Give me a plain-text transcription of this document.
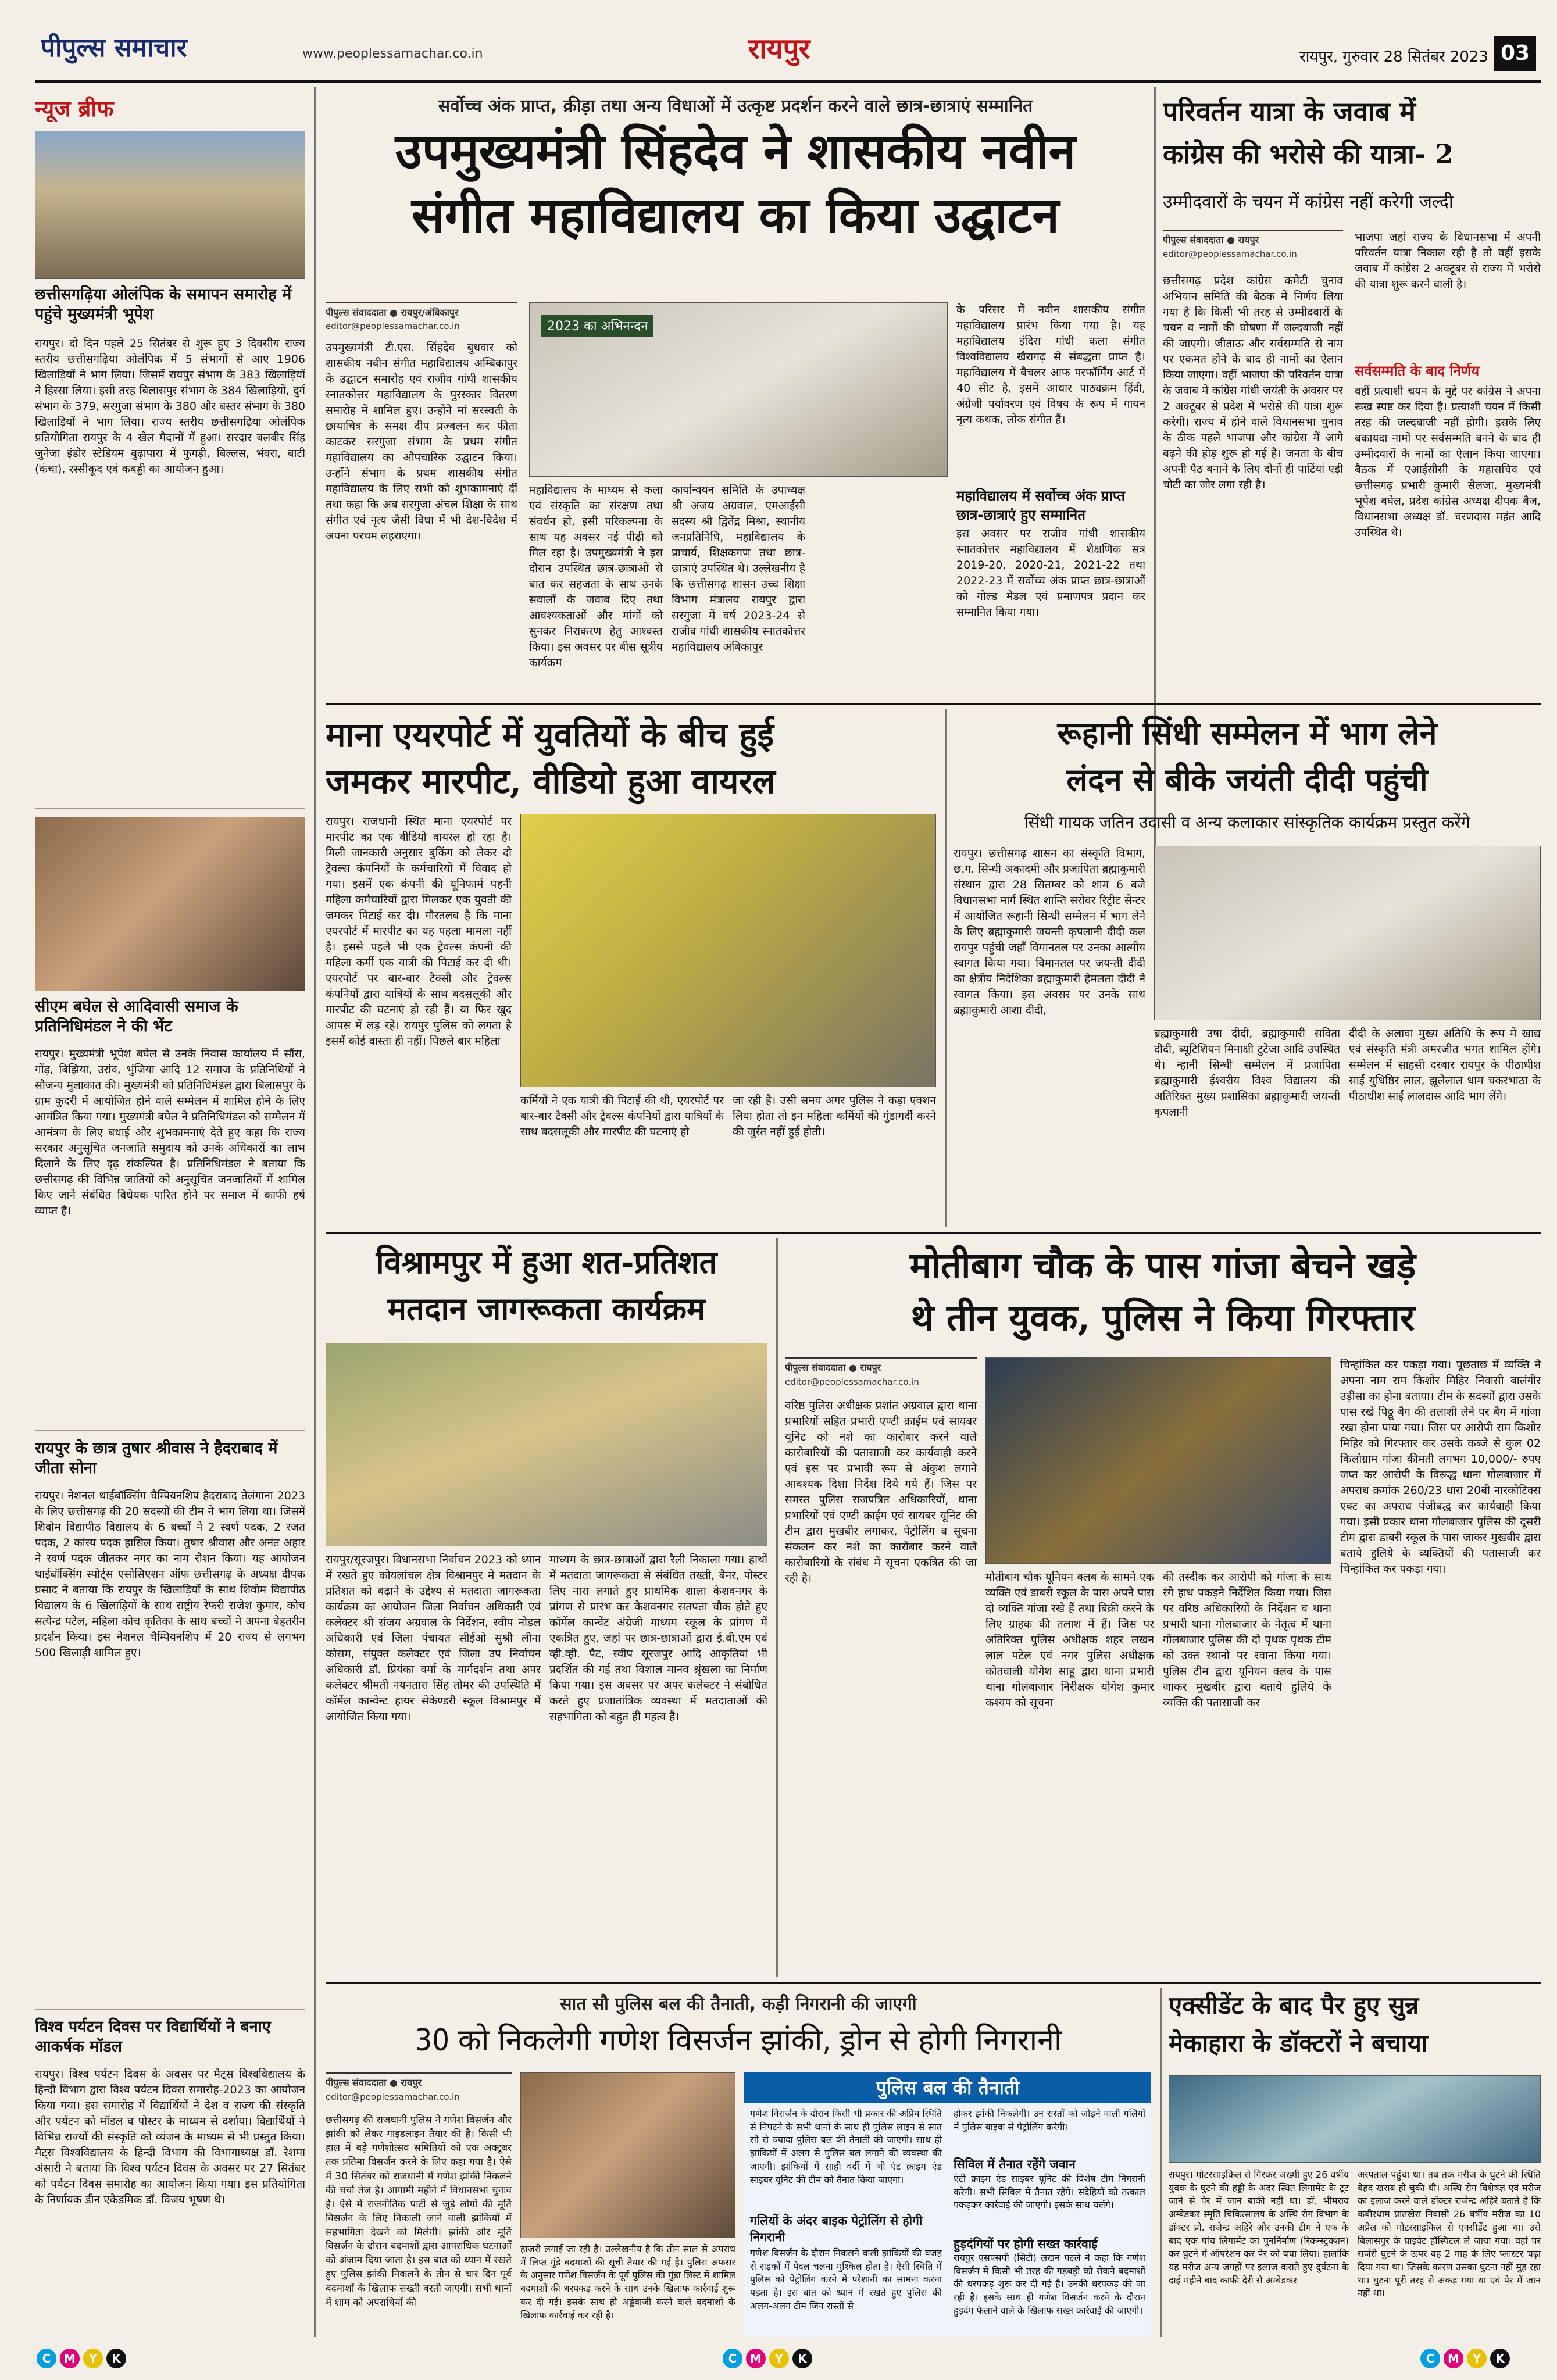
पीपुल्स समाचार	www.peoplessamachar.co.in	रायपुर	रायपुर, गुरुवार 28 सितंबर 2023 03
न्यूज ब्रीफ
छत्तीसगढ़िया ओलंपिक के समापन समारोह में पहुंचे मुख्यमंत्री भूपेश
रायपुर। दो दिन पहले 25 सितंबर से शुरू हुए 3 दिवसीय राज्य स्तरीय छत्तीसगढ़िया ओलंपिक में 5 संभागों से आए 1906 खिलाड़ियों ने भाग लिया। जिसमें रायपुर संभाग के 383 खिलाड़ियों ने हिस्सा लिया। इसी तरह बिलासपुर संभाग के 384 खिलाड़ियों, दुर्ग संभाग के 379, सरगुजा संभाग के 380 और बस्तर संभाग के 380 खिलाड़ियों ने भाग लिया। राज्य स्तरीय छत्तीसगढ़िया ओलंपिक प्रतियोगिता रायपुर के 4 खेल मैदानों में हुआ। सरदार बलबीर सिंह जुनेजा इंडोर स्टेडियम बुढ़ापारा में फुगड़ी, बिल्लस, भंवरा, बाटी (कंचा), रस्सीकूद एवं कबड्डी का आयोजन हुआ।
सीएम बघेल से आदिवासी समाज के प्रतिनिधिमंडल ने की भेंट
रायपुर। मुख्यमंत्री भूपेश बघेल से उनके निवास कार्यालय में सौंरा, गोंड़, बिझिया, उरांव, भुंजिया आदि 12 समाज के प्रतिनिधियों ने सौजन्य मुलाकात की। मुख्यमंत्री को प्रतिनिधिमंडल द्वारा बिलासपुर के ग्राम कुदरी में आयोजित होने वाले सम्मेलन में शामिल होने के लिए आमंत्रित किया गया। मुख्यमंत्री बघेल ने प्रतिनिधिमंडल को सम्मेलन में आमंत्रण के लिए बधाई और शुभकामनाएं देते हुए कहा कि राज्य सरकार अनुसूचित जनजाति समुदाय को उनके अधिकारों का लाभ दिलाने के लिए दृढ़ संकल्पित है। प्रतिनिधिमंडल ने बताया कि छत्तीसगढ़ की विभिन्न जातियों को अनुसूचित जनजातियों में शामिल किए जाने संबंधित विधेयक पारित होने पर समाज में काफी हर्ष व्याप्त है।
रायपुर के छात्र तुषार श्रीवास ने हैदराबाद में जीता सोना
रायपुर। नेशनल थाईबॉक्सिंग चैम्पियनशिप हैदराबाद तेलंगाना 2023 के लिए छत्तीसगढ़ की 20 सदस्यों की टीम ने भाग लिया था। जिसमें शिवोम विद्यापीठ विद्यालय के 6 बच्चों ने 2 स्वर्ण पदक, 2 रजत पदक, 2 कांस्य पदक हासिल किया। तुषार श्रीवास और अनंत अहार ने स्वर्ण पदक जीतकर नगर का नाम रौशन किया। यह आयोजन थाईबॉक्सिंग स्पोर्ट्स एसोसिएशन ऑफ छत्तीसगढ़ के अध्यक्ष दीपक प्रसाद ने बताया कि रायपुर के खिलाड़ियों के साथ शिवोम विद्यापीठ विद्यालय के 6 खिलाड़ियों के साथ राष्ट्रीय रेफरी राजेश कुमार, कोच सत्येन्द्र पटेल, महिला कोच कृतिका के साथ बच्चों ने अपना बेहतरीन प्रदर्शन किया। इस नेशनल चैम्पियनशिप में 20 राज्य से लगभग 500 खिलाड़ी शामिल हुए।
विश्व पर्यटन दिवस पर विद्यार्थियों ने बनाए आकर्षक मॉडल
रायपुर। विश्व पर्यटन दिवस के अवसर पर मैट्स विश्वविद्यालय के हिन्दी विभाग द्वारा विश्व पर्यटन दिवस समारोह-2023 का आयोजन किया गया। इस समारोह में विद्यार्थियों ने देश व राज्य की संस्कृति और पर्यटन को मॉडल व पोस्टर के माध्यम से दर्शाया। विद्यार्थियों ने विभिन्न राज्यों की संस्कृति को व्यंजन के माध्यम से भी प्रस्तुत किया। मैट्स विश्वविद्यालय के हिन्दी विभाग की विभागाध्यक्ष डॉ. रेशमा अंसारी ने बताया कि विश्व पर्यटन दिवस के अवसर पर 27 सितंबर को पर्यटन दिवस समारोह का आयोजन किया गया। इस प्रतियोगिता के निर्णायक डीन एकेडमिक डॉ. विजय भूषण थे।
सर्वोच्च अंक प्राप्त, क्रीड़ा तथा अन्य विधाओं में उत्कृष्ट प्रदर्शन करने वाले छात्र-छात्राएं सम्मानित
उपमुख्यमंत्री सिंहदेव ने शासकीय नवीन
संगीत महाविद्यालय का किया उद्घाटन
पीपुल्स संवाददाता ● रायपुर/अंबिकापुर
editor@peoplessamachar.co.in
उपमुख्यमंत्री टी.एस. सिंहदेव बुधवार को शासकीय नवीन संगीत महाविद्यालय अम्बिकापुर के उद्घाटन समारोह एवं राजीव गांधी शासकीय स्नातकोत्तर महाविद्यालय के पुरस्कार वितरण समारोह में शामिल हुए। उन्होंने मां सरस्वती के छायाचित्र के समक्ष दीप प्रज्वलन कर फीता काटकर सरगुजा संभाग के प्रथम संगीत महाविद्यालय का औपचारिक उद्घाटन किया। उन्होंने संभाग के प्रथम शासकीय संगीत महाविद्यालय के लिए सभी को शुभकामनाएं दीं तथा कहा कि अब सरगुजा अंचल शिक्षा के साथ संगीत एवं नृत्य जैसी विधा में भी देश-विदेश में अपना परचम लहराएगा।
2023 का अभिनन्दन
महाविद्यालय के माध्यम से कला एवं संस्कृति का संरक्षण तथा संवर्धन हो, इसी परिकल्पना के साथ यह अवसर नई पीढ़ी को मिल रहा है। उपमुख्यमंत्री ने इस दौरान उपस्थित छात्र-छात्राओं से बात कर सहजता के साथ उनके सवालों के जवाब दिए तथा आवश्यकताओं और मांगों को सुनकर निराकरण हेतु आश्वस्त किया। इस अवसर पर बीस सूत्रीय कार्यक्रम
कार्यान्वयन समिति के उपाध्यक्ष श्री अजय अग्रवाल, एमआईसी सदस्य श्री द्वितेंद्र मिश्रा, स्थानीय जनप्रतिनिधि, महाविद्यालय के प्राचार्य, शिक्षकगण तथा छात्र-छात्राएं उपस्थित थे। उल्लेखनीय है कि छत्तीसगढ़ शासन उच्च शिक्षा विभाग मंत्रालय रायपुर द्वारा सरगुजा में वर्ष 2023-24 से राजीव गांधी शासकीय स्नातकोत्तर महाविद्यालय अंबिकापुर
के परिसर में नवीन शासकीय संगीत महाविद्यालय प्रारंभ किया गया है। यह महाविद्यालय इंदिरा गांधी कला संगीत विश्वविद्यालय खैरागढ़ से संबद्धता प्राप्त है। महाविद्यालय में बैचलर आफ परफॉर्मिंग आर्ट में 40 सीट है, इसमें आधार पाठ्यक्रम हिंदी, अंग्रेजी पर्यावरण एवं विषय के रूप में गायन नृत्य कथक, लोक संगीत हैं।
महाविद्यालय में सर्वोच्च अंक प्राप्त छात्र-छात्राएं हुए सम्मानित
इस अवसर पर राजीव गांधी शासकीय स्नातकोत्तर महाविद्यालय में शैक्षणिक सत्र 2019-20, 2020-21, 2021-22 तथा 2022-23 में सर्वोच्च अंक प्राप्त छात्र-छात्राओं को गोल्ड मेडल एवं प्रमाणपत्र प्रदान कर सम्मानित किया गया।
परिवर्तन यात्रा के जवाब में
कांग्रेस की भरोसे की यात्रा- 2
उम्मीदवारों के चयन में कांग्रेस नहीं करेगी जल्दी
पीपुल्स संवाददाता ● रायपुर
editor@peoplessamachar.co.in
छत्तीसगढ़ प्रदेश कांग्रेस कमेटी चुनाव अभियान समिति की बैठक में निर्णय लिया गया है कि किसी भी तरह से उम्मीदवारों के चयन व नामों की घोषणा में जल्दबाजी नहीं की जाएगी। जीताऊ और सर्वसम्मति से नाम पर एकमत होने के बाद ही नामों का ऐलान किया जाएगा। वहीं भाजपा की परिवर्तन यात्रा के जवाब में कांग्रेस गांधी जयंती के अवसर पर 2 अक्टूबर से प्रदेश में भरोसे की यात्रा शुरू करेगी। राज्य में होने वाले विधानसभा चुनाव के ठीक पहले भाजपा और कांग्रेस में आगे बढ़ने की होड़ शुरू हो गई है। जनता के बीच अपनी पैठ बनाने के लिए दोनों ही पार्टियां एड़ी चोटी का जोर लगा रही है।
भाजपा जहां राज्य के विधानसभा में अपनी परिवर्तन यात्रा निकाल रही है तो वहीं इसके जवाब में कांग्रेस 2 अक्टूबर से राज्य में भरोसे की यात्रा शुरू करने वाली है।
सर्वसम्मति के बाद निर्णय
वहीं प्रत्याशी चयन के मुद्दे पर कांग्रेस ने अपना रूख स्पष्ट कर दिया है। प्रत्याशी चयन में किसी तरह की जल्दबाजी नहीं होगी। इसके लिए बकायदा नामों पर सर्वसम्मति बनने के बाद ही उम्मीदवारों के नामों का ऐलान किया जाएगा। बैठक में एआईसीसी के महासचिव एवं छत्तीसगढ़ प्रभारी कुमारी सैलजा, मुख्यमंत्री भूपेश बघेल, प्रदेश कांग्रेस अध्यक्ष दीपक बैज, विधानसभा अध्यक्ष डॉ. चरणदास महंत आदि उपस्थित थे।
माना एयरपोर्ट में युवतियों के बीच हुई
जमकर मारपीट, वीडियो हुआ वायरल
रायपुर। राजधानी स्थित माना एयरपोर्ट पर मारपीट का एक वीडियो वायरल हो रहा है। मिली जानकारी अनुसार बुकिंग को लेकर दो ट्रेवल्स कंपनियों के कर्मचारियों में विवाद हो गया। इसमें एक कंपनी की यूनिफार्म पहनी महिला कर्मचारियों द्वारा मिलकर एक युवती की जमकर पिटाई कर दी। गौरतलब है कि माना एयरपोर्ट में मारपीट का यह पहला मामला नहीं है। इससे पहले भी एक ट्रेवल्स कंपनी की महिला कर्मी एक यात्री की पिटाई कर दी थी। एयरपोर्ट पर बार-बार टैक्सी और ट्रेवल्स कंपनियों द्वारा यात्रियों के साथ बदसलूकी और मारपीट की घटनाएं हो रही हैं। या फिर खुद आपस में लड़ रहे। रायपुर पुलिस को लगता है इसमें कोई वास्ता ही नहीं। पिछले बार महिला
कर्मियों ने एक यात्री की पिटाई की थी, एयरपोर्ट पर बार-बार टैक्सी और ट्रेवल्स कंपनियों द्वारा यात्रियों के साथ बदसलूकी और मारपीट की घटनाएं हो
जा रही है। उसी समय अगर पुलिस ने कड़ा एक्शन लिया होता तो इन महिला कर्मियों की गुंडागर्दी करने की जुर्रत नहीं हुई होती।
रूहानी सिंधी सम्मेलन में भाग लेने
लंदन से बीके जयंती दीदी पहुंची
सिंधी गायक जतिन उदासी व अन्य कलाकार सांस्कृतिक कार्यक्रम प्रस्तुत करेंगे
रायपुर। छत्तीसगढ़ शासन का संस्कृति विभाग, छ.ग. सिन्धी अकादमी और प्रजापिता ब्रह्माकुमारी संस्थान द्वारा 28 सितम्बर को शाम 6 बजे विधानसभा मार्ग स्थित शान्ति सरोवर रिट्रीट सेन्टर में आयोजित रूहानी सिन्धी सम्मेलन में भाग लेने के लिए ब्रह्माकुमारी जयन्ती कृपलानी दीदी कल रायपुर पहुंची जहाँ विमानतल पर उनका आत्मीय स्वागत किया गया। विमानतल पर जयन्ती दीदी का क्षेत्रीय निदेशिका ब्रह्माकुमारी हेमलता दीदी ने स्वागत किया। इस अवसर पर उनके साथ ब्रह्माकुमारी आशा दीदी,
ब्रह्माकुमारी उषा दीदी, ब्रह्माकुमारी सविता दीदी, ब्यूटिशियन मिनाक्षी टुटेजा आदि उपस्थित थे। न्हानी सिन्धी सम्मेलन में प्रजापिता ब्रह्माकुमारी ईश्वरीय विश्व विद्यालय की अतिरिक्त मुख्य प्रशासिका ब्रह्माकुमारी जयन्ती कृपलानी
दीदी के अलावा मुख्य अतिथि के रूप में खाद्य एवं संस्कृति मंत्री अमरजीत भगत शामिल होंगे। सम्मेलन में साहसी दरबार रायपुर के पीठाधीश साईं युधिष्ठिर लाल, झूलेलाल धाम चकरभाठा के पीठाधीश साईं लालदास आदि भाग लेंगे।
विश्रामपुर में हुआ शत-प्रतिशत
मतदान जागरूकता कार्यक्रम
रायपुर/सूरजपुर। विधानसभा निर्वाचन 2023 को ध्यान में रखते हुए कोयलांचल क्षेत्र विश्रामपुर में मतदान के प्रतिशत को बढ़ाने के उद्देश्य से मतदाता जागरूकता कार्यक्रम का आयोजन जिला निर्वाचन अधिकारी एवं कलेक्टर श्री संजय अग्रवाल के निर्देशन, स्वीप नोडल अधिकारी एवं जिला पंचायत सीईओ सुश्री लीना कोसम, संयुक्त कलेक्टर एवं जिला उप निर्वाचन अधिकारी डॉ. प्रियंका वर्मा के मार्गदर्शन तथा अपर कलेक्टर श्रीमती नयनतारा सिंह तोमर की उपस्थिति में कॉर्मेल कान्वेन्ट हायर सेकेण्डरी स्कूल विश्रामपुर में आयोजित किया गया।
माध्यम के छात्र-छात्राओं द्वारा रैली निकाला गया। हाथों में मतदाता जागरूकता से संबंधित तख्ती, बैनर, पोस्टर लिए नारा लगाते हुए प्राथमिक शाला केशवनगर के प्रांगण से प्रारंभ कर केशवनगर सतपता चौक होते हुए कॉर्मेल कान्वेंट अंग्रेजी माध्यम स्कूल के प्रांगण में एकत्रित हुए, जहां पर छात्र-छात्राओं द्वारा ई.वी.एम एवं व्ही.व्ही. पैट, स्वीप सूरजपुर आदि आकृतियां भी प्रदर्शित की गई तथा विशाल मानव श्रृंखला का निर्माण किया गया। इस अवसर पर अपर कलेक्टर ने संबोधित करते हुए प्रजातांत्रिक व्यवस्था में मतदाताओं की सहभागिता को बहुत ही महत्व है।
मोतीबाग चौक के पास गांजा बेचने खड़े
थे तीन युवक, पुलिस ने किया गिरफ्तार
पीपुल्स संवाददाता ● रायपुर
editor@peoplessamachar.co.in
वरिष्ठ पुलिस अधीक्षक प्रशांत अग्रवाल द्वारा थाना प्रभारियों सहित प्रभारी एण्टी क्राईम एवं सायबर यूनिट को नशे का कारोबार करने वाले कारोबारियों की पतासाजी कर कार्यवाही करने एवं इस पर प्रभावी रूप से अंकुश लगाने आवश्यक दिशा निर्देश दिये गये हैं। जिस पर समस्त पुलिस राजपत्रित अधिकारियों, थाना प्रभारियों एवं एण्टी क्राईम एवं सायबर यूनिट की टीम द्वारा मुखबीर लगाकर, पेट्रोलिंग व सूचना संकलन कर नशे का कारोबार करने वाले कारोबारियों के संबंध में सूचना एकत्रित की जा रही है।	मोतीबाग चौक यूनियन क्लब के सामने एक व्यक्ति एवं डाबरी स्कूल के पास अपने पास दो व्यक्ति गांजा रखे हैं तथा बिक्री करने के लिए ग्राहक की तलाश में हैं। जिस पर अतिरिक्त पुलिस अधीक्षक शहर लखन लाल पटेल एवं नगर पुलिस अधीक्षक कोतवाली योगेश साहू द्वारा थाना प्रभारी थाना गोलबाजार निरीक्षक योगेश कुमार कश्यप को सूचना
की तस्दीक कर आरोपी को गांजा के साथ रंगे हाथ पकड़ने निर्देशित किया गया। जिस पर वरिष्ठ अधिकारियों के निर्देशन व थाना प्रभारी थाना गोलबाजार के नेतृत्व में थाना गोलबाजार पुलिस की दो पृथक पृथक टीम को उक्त स्थानों पर रवाना किया गया। पुलिस टीम द्वारा यूनियन क्लब के पास जाकर मुखबीर द्वारा बताये हुलिये के व्यक्ति की पतासाजी कर
चिन्हांकित कर पकड़ा गया। पूछताछ में व्यक्ति ने अपना नाम राम किशोर मिहिर निवासी बालंगीर उड़ीसा का होना बताया। टीम के सदस्यों द्वारा उसके पास रखे पिठ्ठू बैग की तलाशी लेने पर बैग में गांजा रखा होना पाया गया। जिस पर आरोपी राम किशोर मिहिर को गिरफ्तार कर उसके कब्जे से कुल 02 किलोग्राम गांजा कीमती लगभग 10,000/- रुपए जप्त कर आरोपी के विरूद्ध थाना गोलबाजार में अपराध क्रमांक 260/23 धारा 20बी नारकोटिक्स एक्ट का अपराध पंजीबद्ध कर कार्यवाही किया गया। इसी प्रकार थाना गोलबाजार पुलिस की दूसरी टीम द्वारा डाबरी स्कूल के पास जाकर मुखबीर द्वारा बताये हुलिये के व्यक्तियों की पतासाजी कर चिन्हांकित कर पकड़ा गया।
सात सौ पुलिस बल की तैनाती, कड़ी निगरानी की जाएगी
30 को निकलेगी गणेश विसर्जन झांकी, ड्रोन से होगी निगरानी
पीपुल्स संवाददाता ● रायपुर
editor@peoplessamachar.co.in
छत्तीसगढ़ की राजधानी पुलिस ने गणेश विसर्जन और झांकी को लेकर गाइडलाइन तैयार की है। किसी भी हाल में बड़े गणेशोत्सव समितियों को एक अक्टूबर तक प्रतिमा विसर्जन करने के लिए कहा गया है। ऐसे में 30 सितंबर को राजधानी में गणेश झांकी निकलने की चर्चा तेज है। आगामी महीने में विधानसभा चुनाव है। ऐसे में राजनीतिक पार्टी से जुड़े लोगों की मूर्ति विसर्जन के लिए निकाली जाने वाली झांकियों में सहभागिता देखने को मिलेगी। झांकी और मूर्ति विसर्जन के दौरान बदमाशों द्वारा आपराधिक घटनाओं को अंजाम दिया जाता है। इस बात को ध्यान में रखते हुए पुलिस झांकी निकलने के तीन से चार दिन पूर्व बदमाशों के खिलाफ सख्ती बरती जाएगी। सभी थानों में शाम को अपराधियों की
हाजरी लगाई जा रही है। उल्लेखनीय है कि तीन साल से अपराध में लिप्त गुंडे बदमाशों की सूची तैयार की गई है। पुलिस अफसर के अनुसार गणेश विसर्जन के पूर्व पुलिस की गुंडा लिस्ट में शामिल बदमाशों की धरपकड़ करने के साथ उनके खिलाफ कार्रवाई शुरू कर दी गई। इसके साथ ही अड्डेबाजी करने वाले बदमाशों के खिलाफ कार्रवाई कर रही है।
पुलिस बल की तैनाती
गणेश विसर्जन के दौरान किसी भी प्रकार की अप्रिय स्थिति से निपटने के सभी थानों के साथ ही पुलिस लाइन से सात सौ से ज्यादा पुलिस बल की तैनाती की जाएगी। साथ ही झांकियों में अलग से पुलिस बल लगाने की व्यवस्था की जाएगी। झांकियों में साही वर्दी में भी एंट क्राइम एंड साइबर यूनिट की टीम को तैनात किया जाएगा।
गलियों के अंदर बाइक पेट्रोलिंग से होगी निगरानी
गणेश विसर्जन के दौरान निकलने वाली झांकियों की वजह से सड़कों में पैदल चलना मुश्किल होता है। ऐसी स्थिति में पुलिस को पेट्रोलिंग करने में परेशानी का सामना करना पड़ता है। इस बात को ध्यान में रखते हुए पुलिस की अलग-अलग टीम जिन रास्तों से
होकर झांकी निकलेगी। उन रास्तों को जोड़ने वाली गलियों में पुलिस बाइक से पेट्रोलिंग करेगी।
सिविल में तैनात रहेंगे जवान
एंटी क्राइम एंड साइबर यूनिट की विशेष टीम निगरानी करेगी। सभी सिविल में तैनात रहेंगे। संदेहियों को तत्काल पकड़कर कार्रवाई की जाएगी। इसके साथ चलेंगे।
हुड़दंगियों पर होगी सख्त कार्रवाई
रायपुर एसएसपी (सिटी) लखन पटले ने कहा कि गणेश विसर्जन में किसी भी तरह की गड़बड़ी को रोकने बदमाशों की धरपकड़ शुरू कर दी गई है। उनकी धरपकड़ की जा रही है। इसके साथ ही गणेश विसर्जन करने के दौरान हुड़दंग फैलाने वाले के खिलाफ सख्त कार्रवाई की जाएगी।
एक्सीडेंट के बाद पैर हुए सुन्न
मेकाहारा के डॉक्टरों ने बचाया
रायपुर। मोटरसाइकिल से गिरकर जख्मी हुए 26 वर्षीय युवक के घुटने की हड्डी के अंदर स्थित लिगामेंट के टूट जाने से पैर में जान बाकी नहीं था। डॉ. भीमराव अम्बेडकर स्मृति चिकित्सालय के अस्थि रोग विभाग के डॉक्टर प्रो. राजेन्द्र अहिरे और उनकी टीम ने एक के बाद एक पांच लिगामेंट का पुनर्निर्माण (रिकन्स्ट्रक्शन) कर घुटने में ऑपरेशन कर पैर को बचा लिया। हालांकि यह मरीज अन्य जगहों पर इलाज कराते हुए दुर्घटना के दाई महीने बाद काफी देरी से अम्बेडकर
अस्पताल पहुंचा था। तब तक मरीज के घुटने की स्थिति बेहद खराब हो चुकी थी। अस्थि रोग विशेषज्ञ एवं मरीज का इलाज करने वाले डॉक्टर राजेन्द्र अहिरे बताते हैं कि कबीरधाम प्रांतखेरा निवासी 26 वर्षीय मरीज का 10 अप्रैल को मोटरसाइकिल से एक्सीडेंट हुआ था। उसे बिलासपुर के प्राइवेट हॉस्पिटल ले जाया गया। वहां पर सर्जरी घुटने के ऊपर वह 2 माह के लिए प्लास्टर चढ़ा दिया गया था। जिसके कारण उसका घुटना नहीं मुड़ रहा था। घुटना पूरी तरह से अकड़ गया था एवं पैर में जान नहीं था।
C M Y K	C M Y K	C M Y K
